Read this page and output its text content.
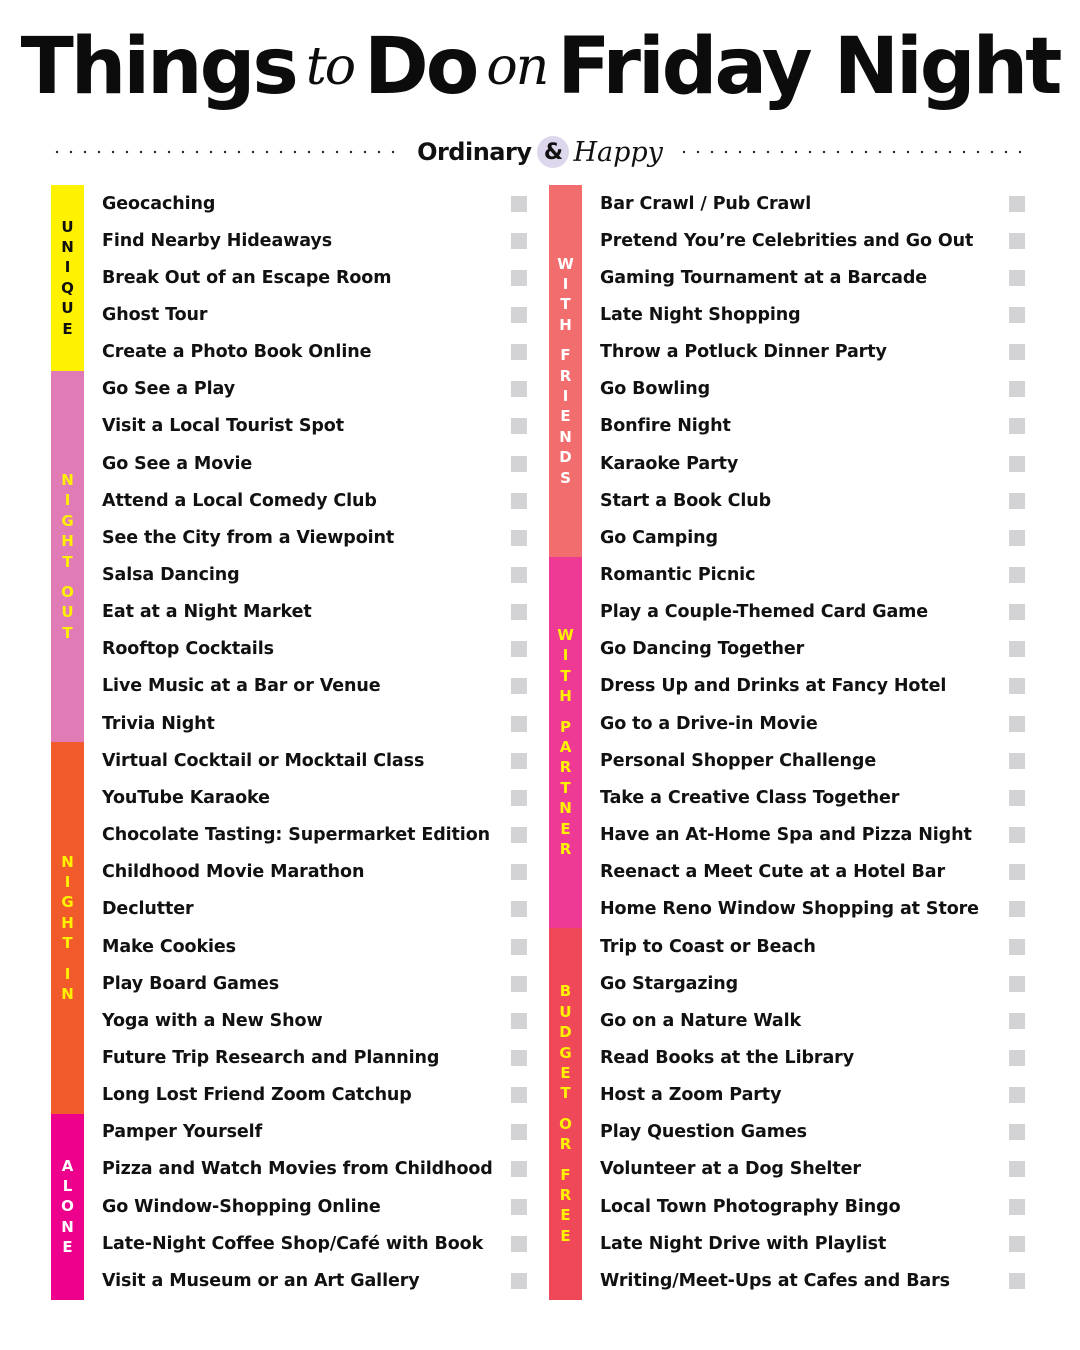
Things to Do on Friday Night
Ordinary & Happy
U
N
I
Q
U
E
N
I
G
H
T
O
U
T
N
I
G
H
T
I
N
A
L
O
N
E
Geocaching
Find Nearby Hideaways
Break Out of an Escape Room
Ghost Tour
Create a Photo Book Online
Go See a Play
Visit a Local Tourist Spot
Go See a Movie
Attend a Local Comedy Club
See the City from a Viewpoint
Salsa Dancing
Eat at a Night Market
Rooftop Cocktails
Live Music at a Bar or Venue
Trivia Night
Virtual Cocktail or Mocktail Class
YouTube Karaoke
Chocolate Tasting: Supermarket Edition
Childhood Movie Marathon
Declutter
Make Cookies
Play Board Games
Yoga with a New Show
Future Trip Research and Planning
Long Lost Friend Zoom Catchup
Pamper Yourself
Pizza and Watch Movies from Childhood
Go Window-Shopping Online
Late-Night Coffee Shop/Café with Book
Visit a Museum or an Art Gallery
W
I
T
H
F
R
I
E
N
D
S
W
I
T
H
P
A
R
T
N
E
R
B
U
D
G
E
T
O
R
F
R
E
E
Bar Crawl / Pub Crawl
Pretend You’re Celebrities and Go Out
Gaming Tournament at a Barcade
Late Night Shopping
Throw a Potluck Dinner Party
Go Bowling
Bonfire Night
Karaoke Party
Start a Book Club
Go Camping
Romantic Picnic
Play a Couple-Themed Card Game
Go Dancing Together
Dress Up and Drinks at Fancy Hotel
Go to a Drive-in Movie
Personal Shopper Challenge
Take a Creative Class Together
Have an At-Home Spa and Pizza Night
Reenact a Meet Cute at a Hotel Bar
Home Reno Window Shopping at Store
Trip to Coast or Beach
Go Stargazing
Go on a Nature Walk
Read Books at the Library
Host a Zoom Party
Play Question Games
Volunteer at a Dog Shelter
Local Town Photography Bingo
Late Night Drive with Playlist
Writing/Meet-Ups at Cafes and Bars
